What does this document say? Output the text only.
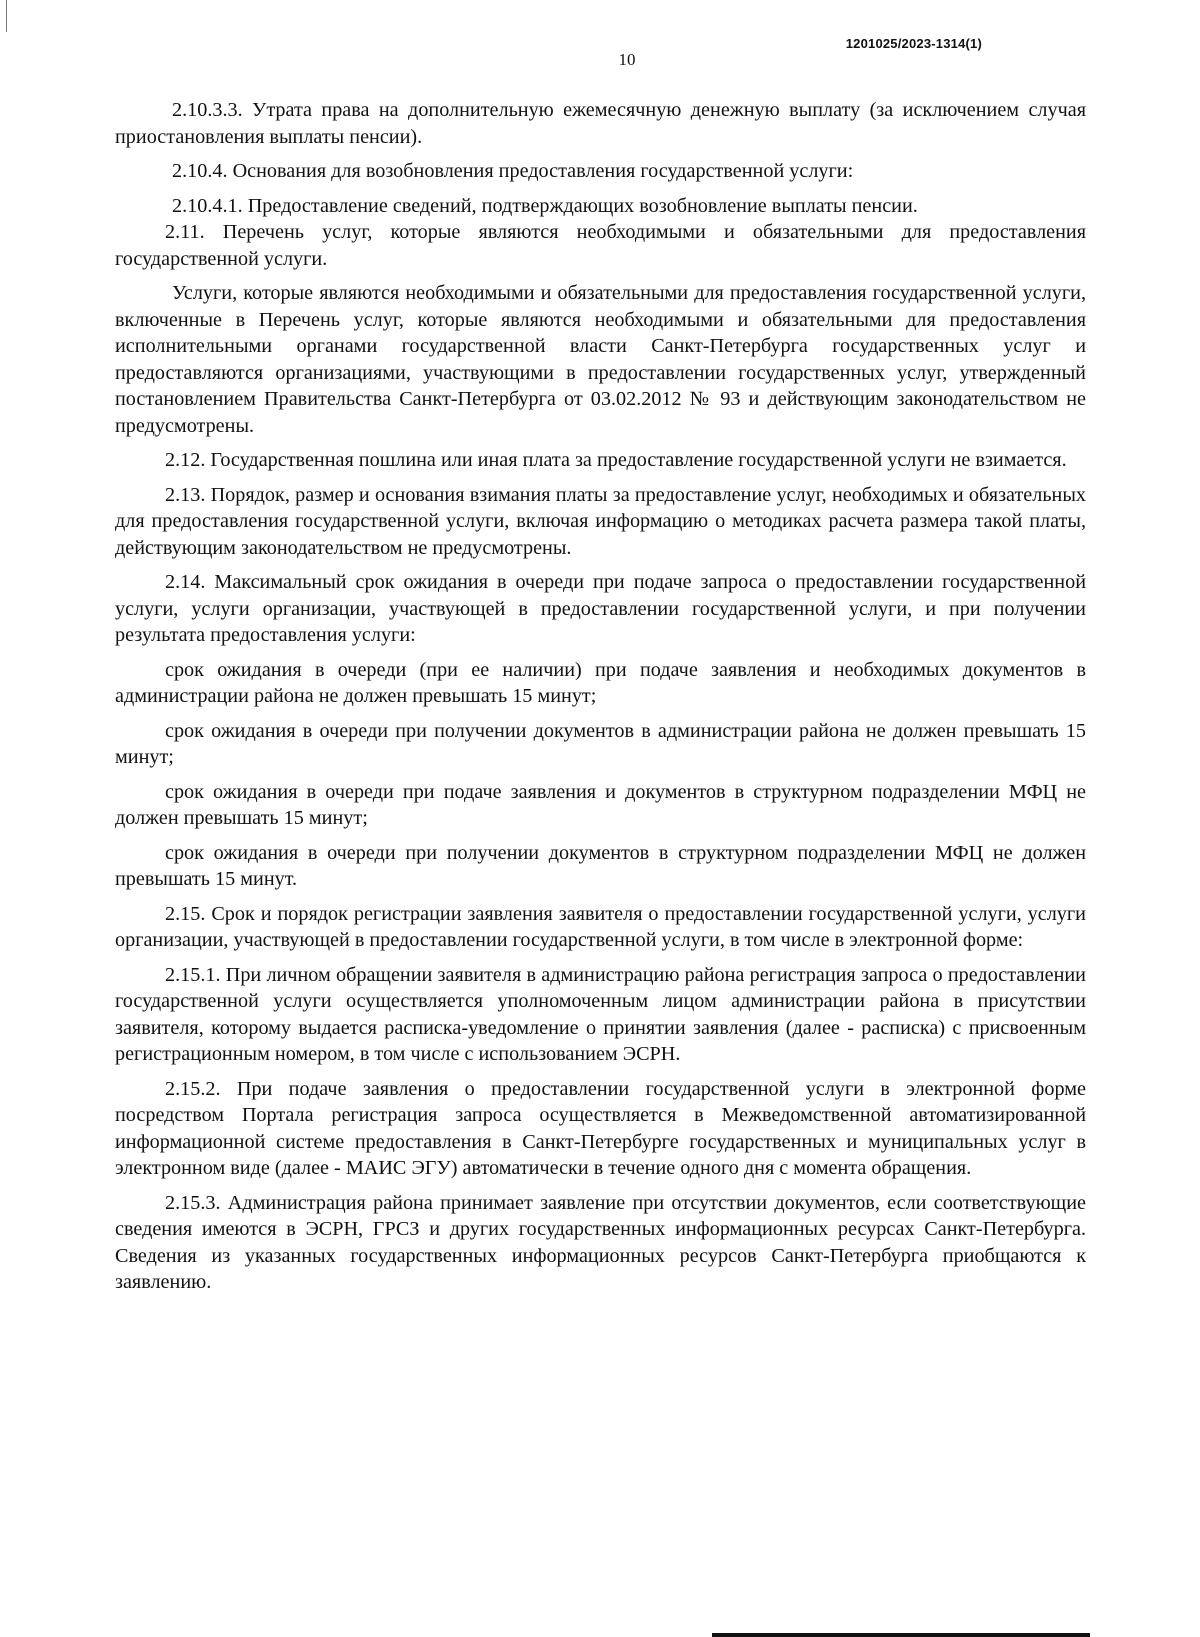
1201025/2023-1314(1)
10

2.10.3.3. Утрата права на дополнительную ежемесячную денежную выплату (за исключением случая приостановления выплаты пенсии).

2.10.4. Основания для возобновления предоставления государственной услуги:

2.10.4.1. Предоставление сведений, подтверждающих возобновление выплаты пенсии.

2.11. Перечень услуг, которые являются необходимыми и обязательными для предоставления государственной услуги.

Услуги, которые являются необходимыми и обязательными для предоставления государственной услуги, включенные в Перечень услуг, которые являются необходимыми и обязательными для предоставления исполнительными органами государственной власти Санкт-Петербурга государственных услуг и предоставляются организациями, участвующими в предоставлении государственных услуг, утвержденный постановлением Правительства Санкт-Петербурга от 03.02.2012 № 93 и действующим законодательством не предусмотрены.

2.12. Государственная пошлина или иная плата за предоставление государственной услуги не взимается.

2.13. Порядок, размер и основания взимания платы за предоставление услуг, необходимых и обязательных для предоставления государственной услуги, включая информацию о методиках расчета размера такой платы, действующим законодательством не предусмотрены.

2.14. Максимальный срок ожидания в очереди при подаче запроса о предоставлении государственной услуги, услуги организации, участвующей в предоставлении государственной услуги, и при получении результата предоставления услуги:

срок ожидания в очереди (при ее наличии) при подаче заявления и необходимых документов в администрации района не должен превышать 15 минут;

срок ожидания в очереди при получении документов в администрации района не должен превышать 15 минут;

срок ожидания в очереди при подаче заявления и документов в структурном подразделении МФЦ не должен превышать 15 минут;

срок ожидания в очереди при получении документов в структурном подразделении МФЦ не должен превышать 15 минут.

2.15. Срок и порядок регистрации заявления заявителя о предоставлении государственной услуги, услуги организации, участвующей в предоставлении государственной услуги, в том числе в электронной форме:

2.15.1. При личном обращении заявителя в администрацию района регистрация запроса о предоставлении государственной услуги осуществляется уполномоченным лицом администрации района в присутствии заявителя, которому выдается расписка-уведомление о принятии заявления (далее - расписка) с присвоенным регистрационным номером, в том числе с использованием ЭСРН.

2.15.2. При подаче заявления о предоставлении государственной услуги в электронной форме посредством Портала регистрация запроса осуществляется в Межведомственной автоматизированной информационной системе предоставления в Санкт-Петербурге государственных и муниципальных услуг в электронном виде (далее - МАИС ЭГУ) автоматически в течение одного дня с момента обращения.

2.15.3. Администрация района принимает заявление при отсутствии документов, если соответствующие сведения имеются в ЭСРН, ГРСЗ и других государственных информационных ресурсах Санкт-Петербурга. Сведения из указанных государственных информационных ресурсов Санкт-Петербурга приобщаются к заявлению.
